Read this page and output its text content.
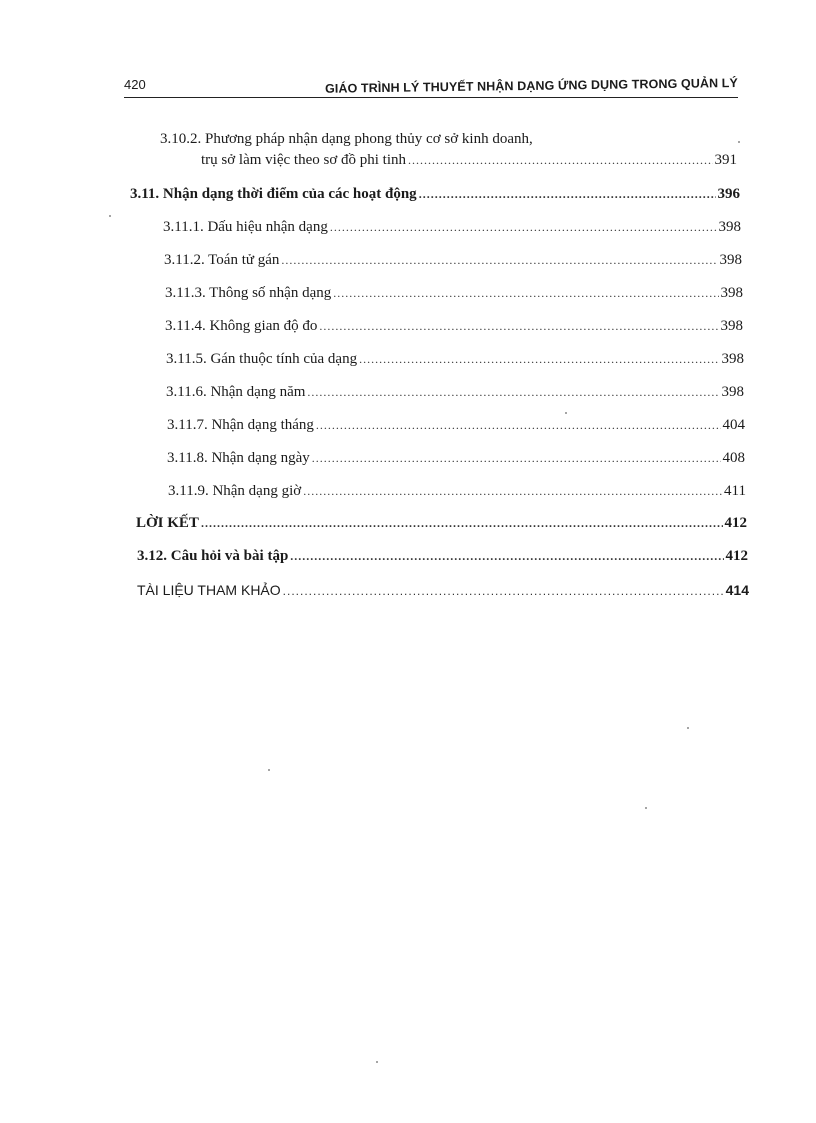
420	GIÁO TRÌNH LÝ THUYẾT NHẬN DẠNG ỨNG DỤNG TRONG QUẢN LÝ
3.10.2. Phương pháp nhận dạng phong thủy cơ sở kinh doanh,
trụ sở làm việc theo sơ đồ phi tinh .....	391
3.11. Nhận dạng thời điểm của các hoạt động .....	396
3.11.1. Dấu hiệu nhận dạng .....	398
3.11.2. Toán tử gán .....	398
3.11.3. Thông số nhận dạng .....	398
3.11.4. Không gian độ đo .....	398
3.11.5. Gán thuộc tính của dạng .....	398
3.11.6. Nhận dạng năm .....	398
3.11.7. Nhận dạng tháng .....	404
3.11.8. Nhận dạng ngày .....	408
3.11.9. Nhận dạng giờ .....	411
LỜI KẾT .....	412
3.12. Câu hỏi và bài tập .....	412
TÀI LIỆU THAM KHẢO .....	414
